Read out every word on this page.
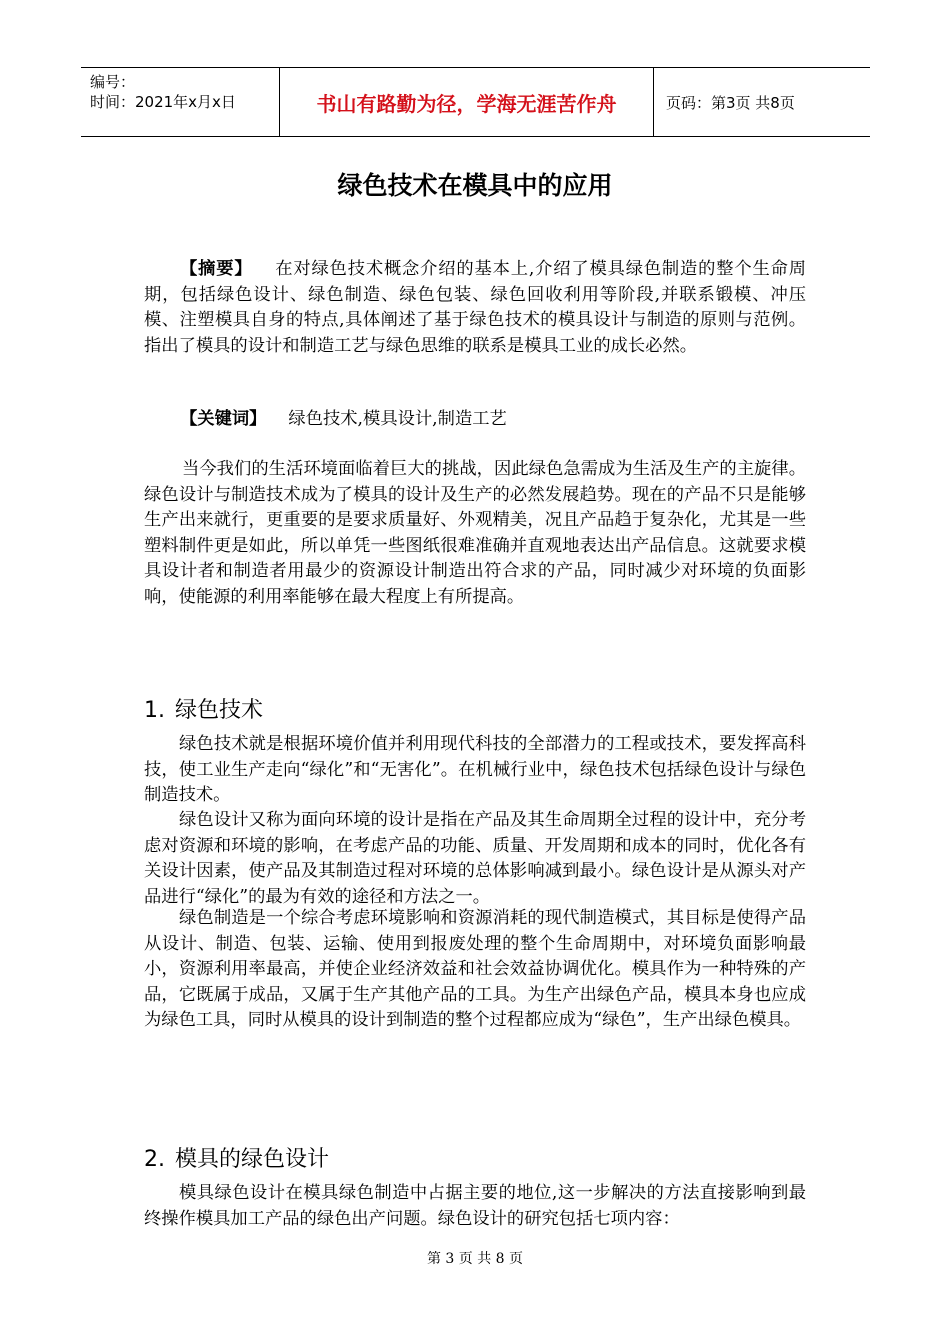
编号：
时间：2021年x月x日	书山有路勤为径，学海无涯苦作舟	页码：第3页 共8页
绿色技术在模具中的应用

【摘要】 在对绿色技术概念介绍的基本上,介绍了模具绿色制造的整个生命周期，包括绿色设计、绿色制造、绿色包装、绿色回收利用等阶段,并联系锻模、冲压模、注塑模具自身的特点,具体阐述了基于绿色技术的模具设计与制造的原则与范例。指出了模具的设计和制造工艺与绿色思维的联系是模具工业的成长必然。

【关键词】 绿色技术,模具设计,制造工艺

当今我们的生活环境面临着巨大的挑战，因此绿色急需成为生活及生产的主旋律。绿色设计与制造技术成为了模具的设计及生产的必然发展趋势。现在的产品不只是能够生产出来就行，更重要的是要求质量好、外观精美，况且产品趋于复杂化，尤其是一些塑料制件更是如此，所以单凭一些图纸很难准确并直观地表达出产品信息。这就要求模具设计者和制造者用最少的资源设计制造出符合求的产品，同时减少对环境的负面影响，使能源的利用率能够在最大程度上有所提高。

1. 绿色技术

绿色技术就是根据环境价值并利用现代科技的全部潜力的工程或技术，要发挥高科技，使工业生产走向“绿化”和“无害化”。在机械行业中，绿色技术包括绿色设计与绿色制造技术。

绿色设计又称为面向环境的设计是指在产品及其生命周期全过程的设计中，充分考虑对资源和环境的影响，在考虑产品的功能、质量、开发周期和成本的同时，优化各有关设计因素，使产品及其制造过程对环境的总体影响减到最小。绿色设计是从源头对产品进行“绿化”的最为有效的途径和方法之一。

绿色制造是一个综合考虑环境影响和资源消耗的现代制造模式，其目标是使得产品从设计、制造、包装、运输、使用到报废处理的整个生命周期中，对环境负面影响最小，资源利用率最高，并使企业经济效益和社会效益协调优化。模具作为一种特殊的产品，它既属于成品，又属于生产其他产品的工具。为生产出绿色产品，模具本身也应成为绿色工具，同时从模具的设计到制造的整个过程都应成为“绿色”，生产出绿色模具。

2. 模具的绿色设计

模具绿色设计在模具绿色制造中占据主要的地位,这一步解决的方法直接影响到最终操作模具加工产品的绿色出产问题。绿色设计的研究包括七项内容：

第 3 页 共 8 页
